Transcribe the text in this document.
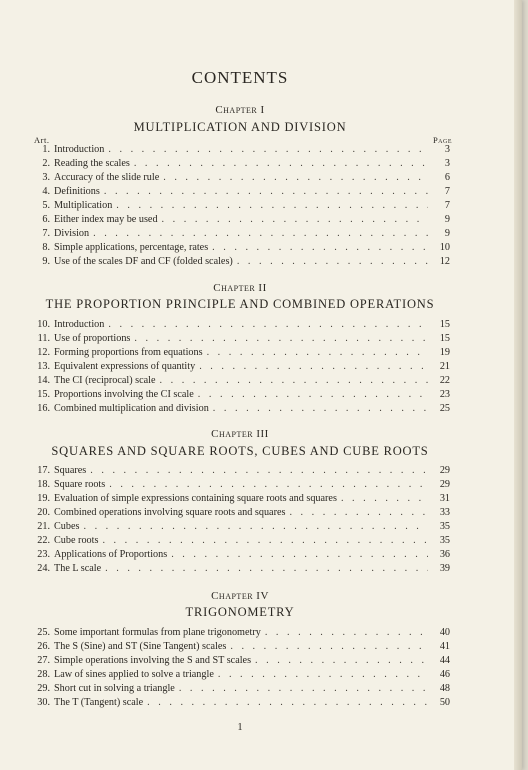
CONTENTS
Chapter I
MULTIPLICATION AND DIVISION
Art.	Page
1. Introduction . . .	3
2. Reading the scales . . .	3
3. Accuracy of the slide rule . . .	6
4. Definitions . . .	7
5. Multiplication . . .	7
6. Either index may be used . . .	9
7. Division . . .	9
8. Simple applications, percentage, rates . . .	10
9. Use of the scales DF and CF (folded scales) . . .	12
Chapter II
THE PROPORTION PRINCIPLE AND COMBINED OPERATIONS
10. Introduction . . .	15
11. Use of proportions . . .	15
12. Forming proportions from equations . . .	19
13. Equivalent expressions of quantity . . .	21
14. The CI (reciprocal) scale . . .	22
15. Proportions involving the CI scale . . .	23
16. Combined multiplication and division . . .	25
Chapter III
SQUARES AND SQUARE ROOTS, CUBES AND CUBE ROOTS
17. Squares . . .	29
18. Square roots . . .	29
19. Evaluation of simple expressions containing square roots and squares . . .	31
20. Combined operations involving square roots and squares . . .	33
21. Cubes . . .	35
22. Cube roots . . .	35
23. Applications of Proportions . . .	36
24. The L scale . . .	39
Chapter IV
TRIGONOMETRY
25. Some important formulas from plane trigonometry . . .	40
26. The S (Sine) and ST (Sine Tangent) scales . . .	41
27. Simple operations involving the S and ST scales . . .	44
28. Law of sines applied to solve a triangle . . .	46
29. Short cut in solving a triangle . . .	48
30. The T (Tangent) scale . . .	50
1
